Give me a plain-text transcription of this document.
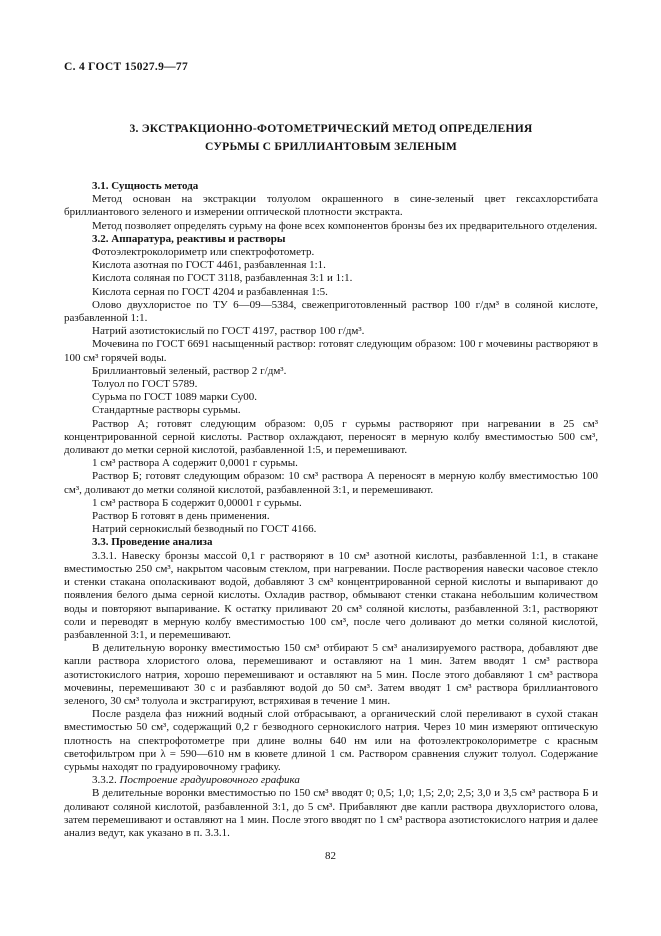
С. 4 ГОСТ 15027.9—77
3. ЭКСТРАКЦИОННО-ФОТОМЕТРИЧЕСКИЙ МЕТОД ОПРЕДЕЛЕНИЯ
СУРЬМЫ С БРИЛЛИАНТОВЫМ ЗЕЛЕНЫМ

3.1. Сущность метода

Метод основан на экстракции толуолом окрашенного в сине-зеленый цвет гексахлорстибата бриллиантового зеленого и измерении оптической плотности экстракта.

Метод позволяет определять сурьму на фоне всех компонентов бронзы без их предварительного отделения.

3.2. Аппаратура, реактивы и растворы

Фотоэлектроколориметр или спектрофотометр.

Кислота азотная по ГОСТ 4461, разбавленная 1:1.

Кислота соляная по ГОСТ 3118, разбавленная 3:1 и 1:1.

Кислота серная по ГОСТ 4204 и разбавленная 1:5.

Олово двухлористое по ТУ 6—09—5384, свежеприготовленный раствор 100 г/дм³ в соляной кислоте, разбавленной 1:1.

Натрий азотистокислый по ГОСТ 4197, раствор 100 г/дм³.

Мочевина по ГОСТ 6691 насыщенный раствор: готовят следующим образом: 100 г мочевины растворяют в 100 см³ горячей воды.

Бриллиантовый зеленый, раствор 2 г/дм³.

Толуол по ГОСТ 5789.

Сурьма по ГОСТ 1089 марки Су00.

Стандартные растворы сурьмы.

Раствор А; готовят следующим образом: 0,05 г сурьмы растворяют при нагревании в 25 см³ концентрированной серной кислоты. Раствор охлаждают, переносят в мерную колбу вместимостью 500 см³, доливают до метки серной кислотой, разбавленной 1:5, и перемешивают.

1 см³ раствора А содержит 0,0001 г сурьмы.

Раствор Б; готовят следующим образом: 10 см³ раствора А переносят в мерную колбу вместимостью 100 см³, доливают до метки соляной кислотой, разбавленной 3:1, и перемешивают.

1 см³ раствора Б содержит 0,00001 г сурьмы.

Раствор Б готовят в день применения.

Натрий сернокислый безводный по ГОСТ 4166.

3.3. Проведение анализа

3.3.1. Навеску бронзы массой 0,1 г растворяют в 10 см³ азотной кислоты, разбавленной 1:1, в стакане вместимостью 250 см³, накрытом часовым стеклом, при нагревании. После растворения навески часовое стекло и стенки стакана ополаскивают водой, добавляют 3 см³ концентрированной серной кислоты и выпаривают до появления белого дыма серной кислоты. Охладив раствор, обмывают стенки стакана небольшим количеством воды и повторяют выпаривание. К остатку приливают 20 см³ соляной кислоты, разбавленной 3:1, растворяют соли и переводят в мерную колбу вместимостью 100 см³, после чего доливают до метки соляной кислотой, разбавленной 3:1, и перемешивают.

В делительную воронку вместимостью 150 см³ отбирают 5 см³ анализируемого раствора, добавляют две капли раствора хлористого олова, перемешивают и оставляют на 1 мин. Затем вводят 1 см³ раствора азотистокислого натрия, хорошо перемешивают и оставляют на 5 мин. После этого добавляют 1 см³ раствора мочевины, перемешивают 30 с и разбавляют водой до 50 см³. Затем вводят 1 см³ раствора бриллиантового зеленого, 30 см³ толуола и экстрагируют, встряхивая в течение 1 мин.

После раздела фаз нижний водный слой отбрасывают, а органический слой переливают в сухой стакан вместимостью 50 см³, содержащий 0,2 г безводного сернокислого натрия. Через 10 мин измеряют оптическую плотность на спектрофотометре при длине волны 640 нм или на фотоэлектроколориметре с красным светофильтром при λ = 590—610 нм в кювете длиной 1 см. Раствором сравнения служит толуол. Содержание сурьмы находят по градуировочному графику.

3.3.2. Построение градуировочного графика

В делительные воронки вместимостью по 150 см³ вводят 0; 0,5; 1,0; 1,5; 2,0; 2,5; 3,0 и 3,5 см³ раствора Б и доливают соляной кислотой, разбавленной 3:1, до 5 см³. Прибавляют две капли раствора двухлористого олова, затем перемешивают и оставляют на 1 мин. После этого вводят по 1 см³ раствора азотистокислого натрия и далее анализ ведут, как указано в п. 3.3.1.

82
